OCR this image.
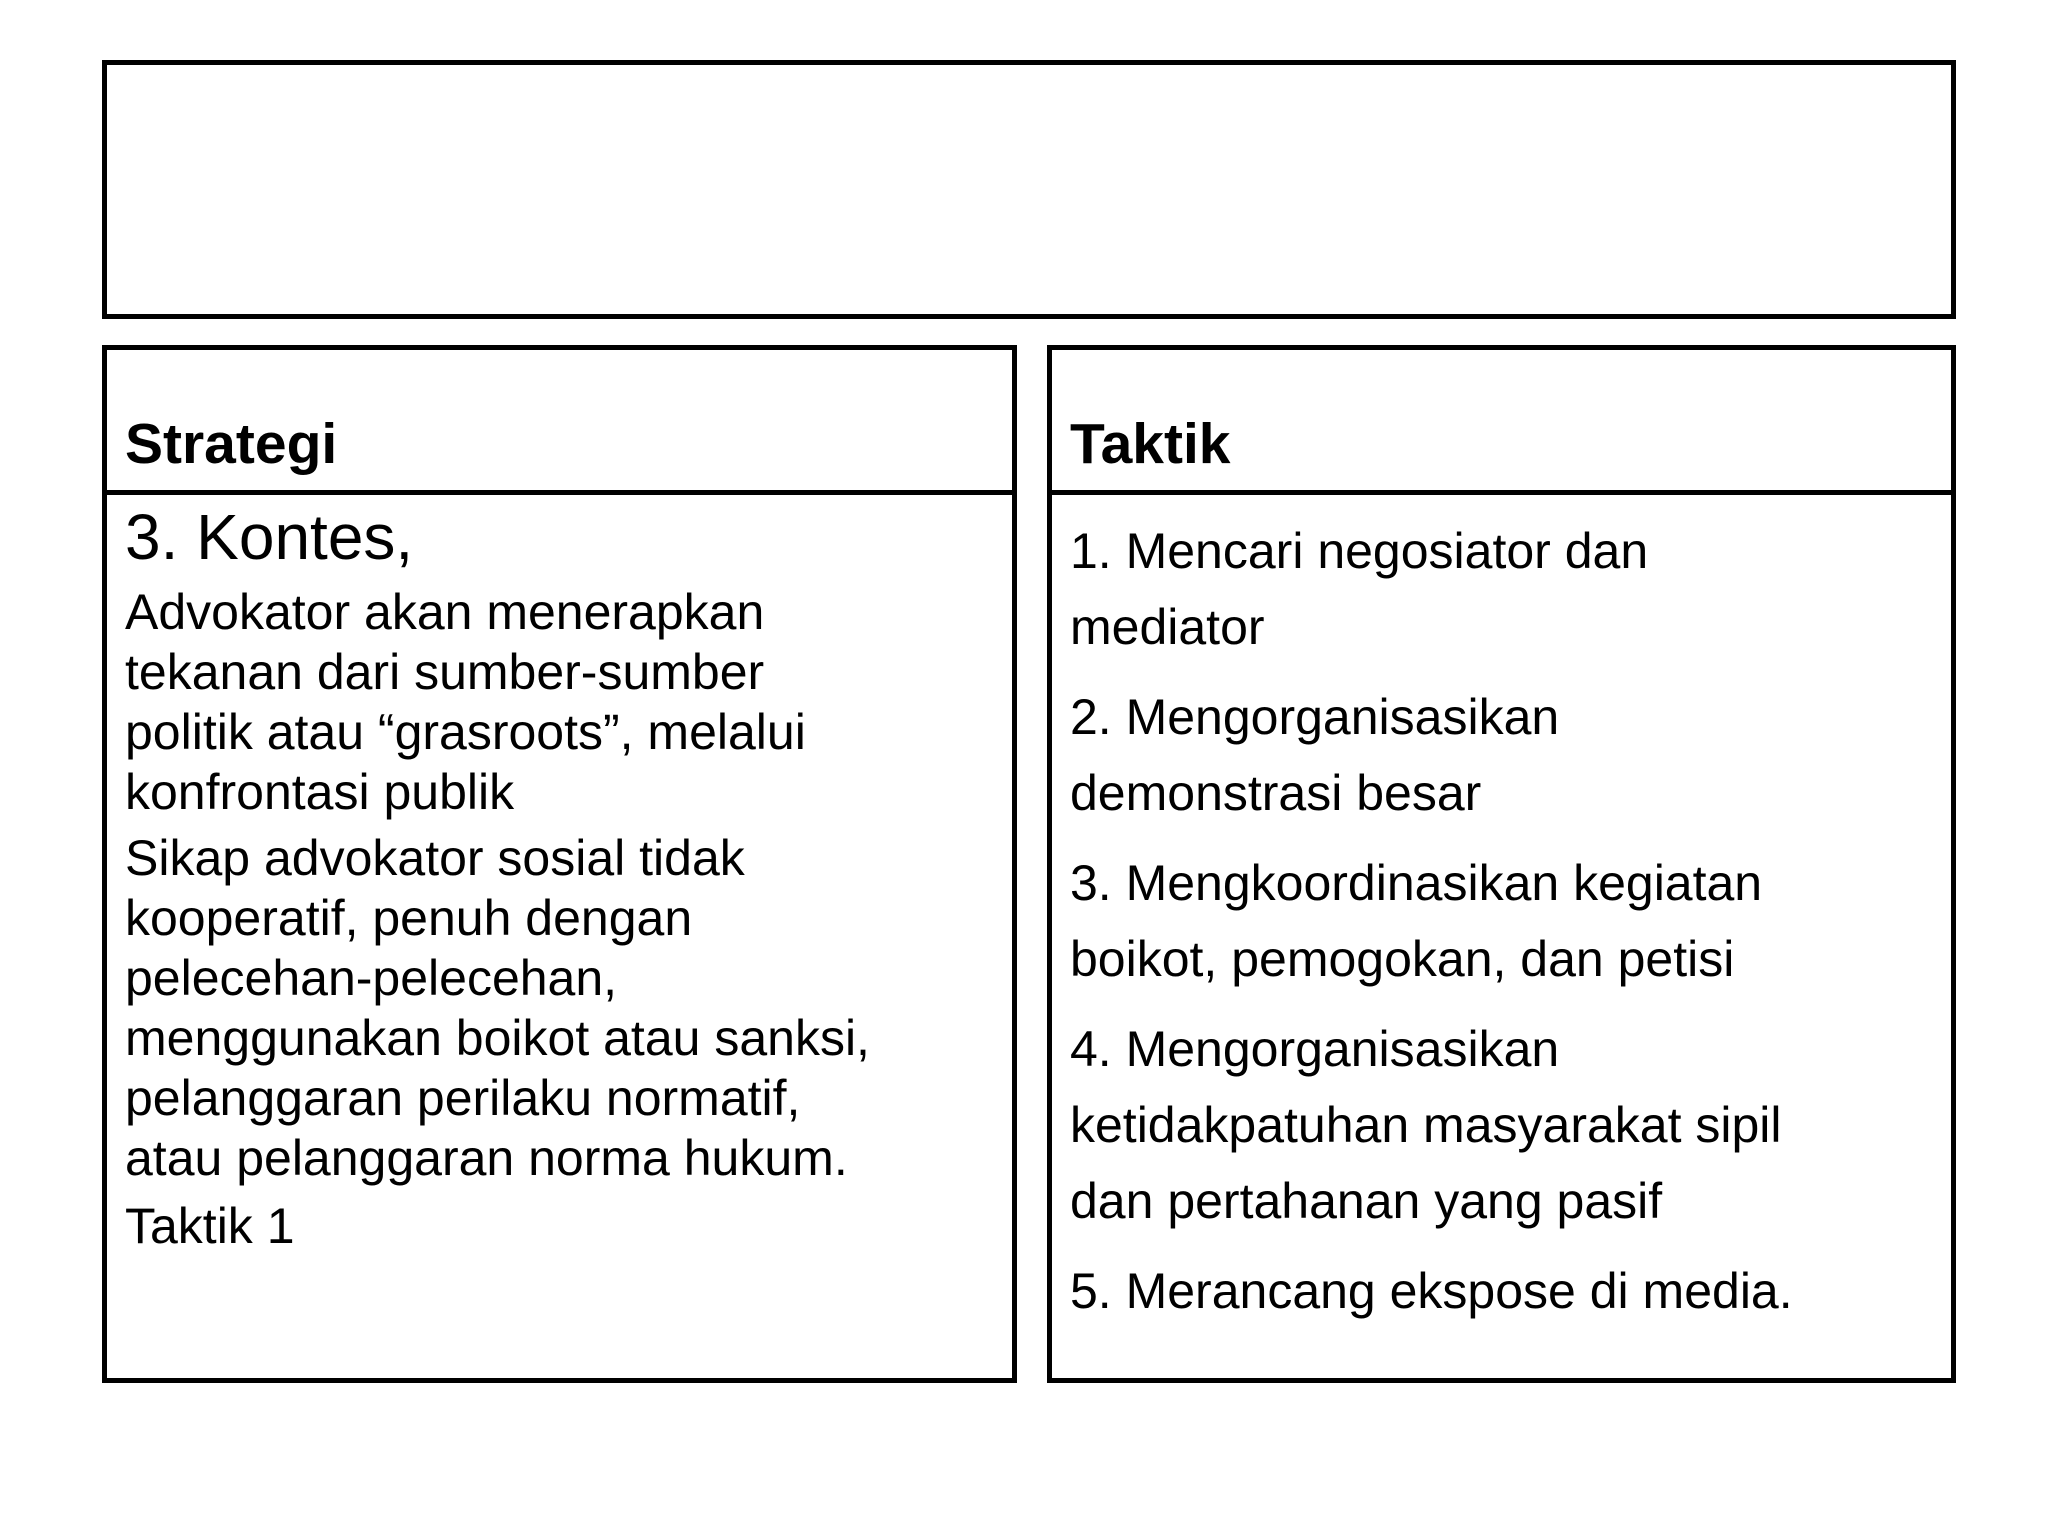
Strategi

3. Kontes,

Advokator akan menerapkan
tekanan dari sumber-sumber
politik atau “grasroots”, melalui
konfrontasi publik

Sikap advokator sosial tidak
kooperatif, penuh dengan
pelecehan-pelecehan,
menggunakan boikot atau sanksi,
pelanggaran perilaku normatif,
atau pelanggaran norma hukum.

Taktik 1

Taktik
1. Mencari negosiator dan
mediator
2. Mengorganisasikan
demonstrasi besar
3. Mengkoordinasikan kegiatan
boikot, pemogokan, dan petisi
4. Mengorganisasikan
ketidakpatuhan masyarakat sipil
dan pertahanan yang pasif
5. Merancang ekspose di media.
